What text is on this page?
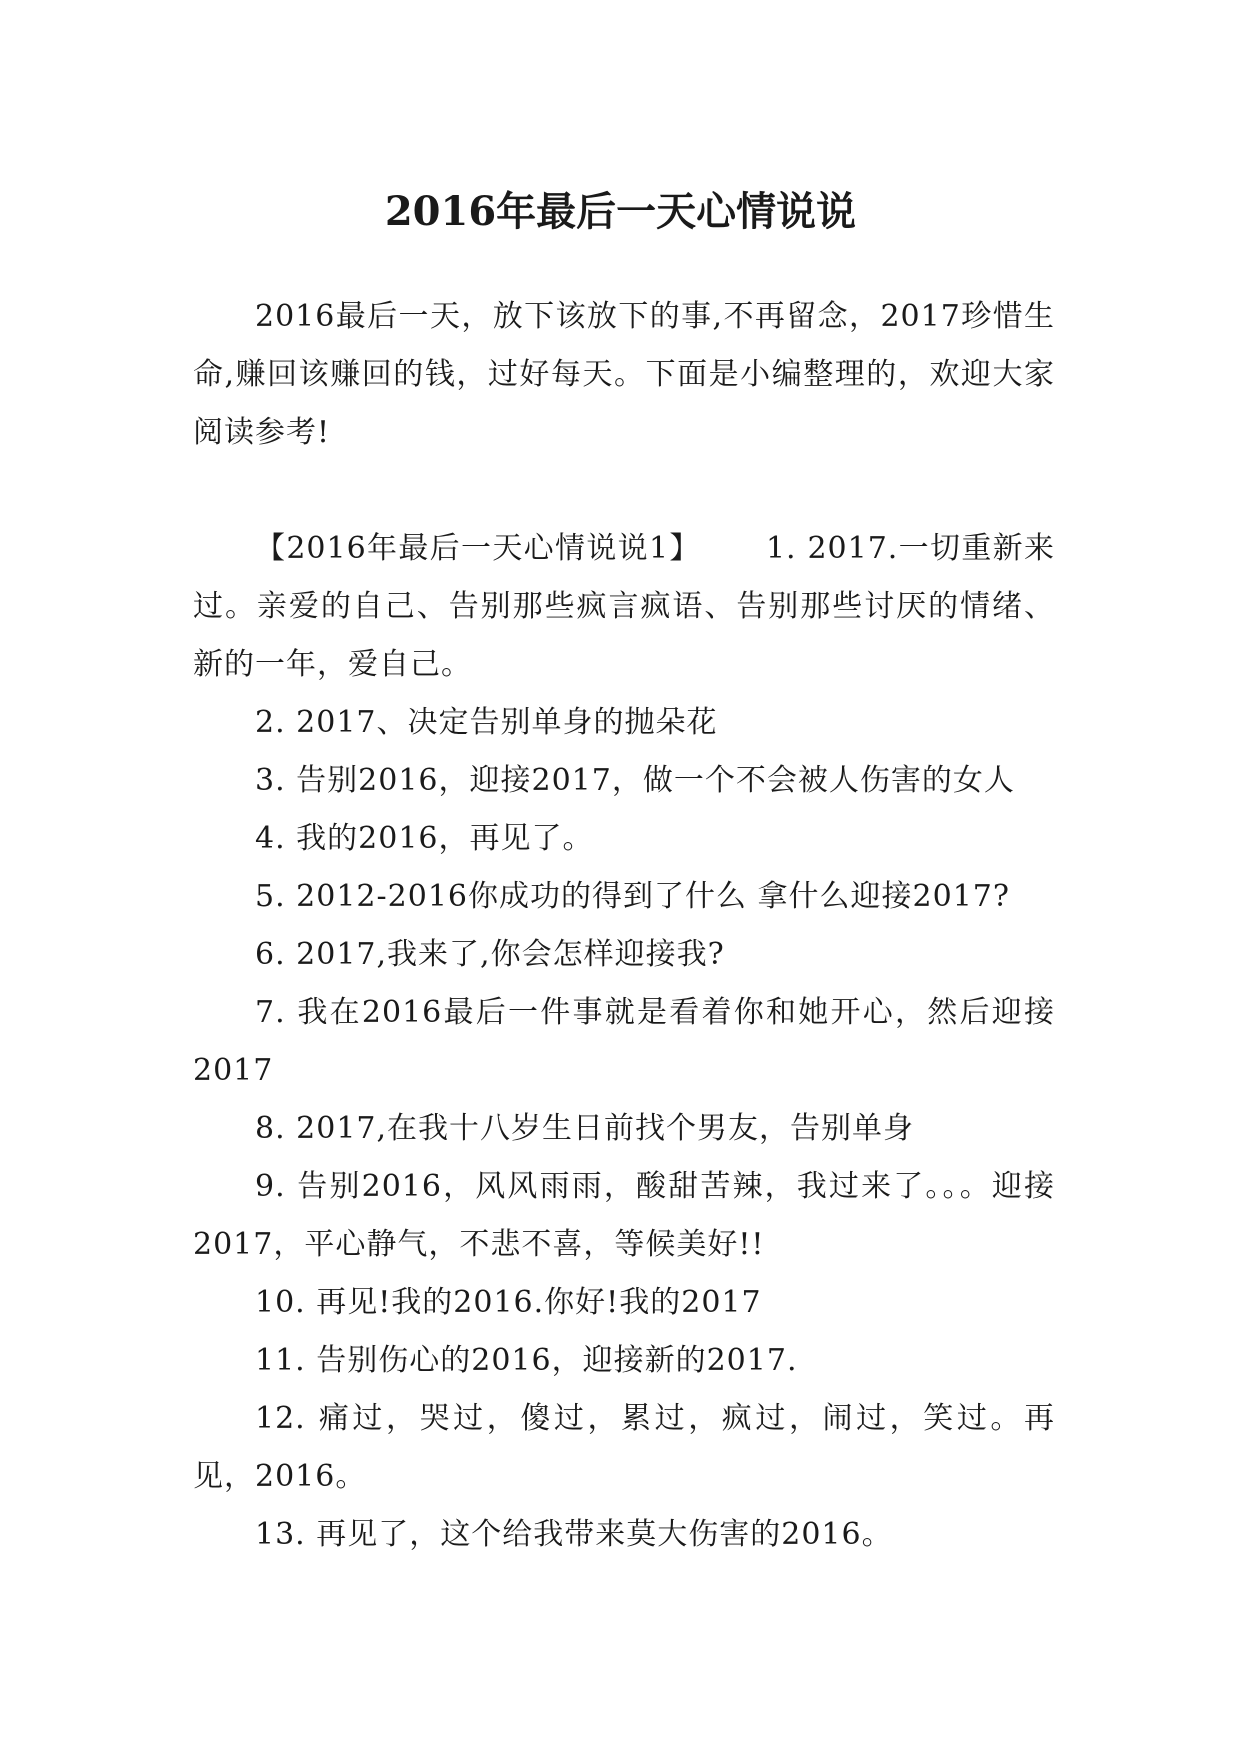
2016年最后一天心情说说

2016最后一天，放下该放下的事,不再留念，2017珍惜生命,赚回该赚回的钱，过好每天。下面是小编整理的，欢迎大家阅读参考!

【2016年最后一天心情说说1】 1. 2017.一切重新来过。亲爱的自己、告别那些疯言疯语、告别那些讨厌的情绪、新的一年，爱自己。

2. 2017、决定告别单身的抛朵花

3. 告别2016，迎接2017，做一个不会被人伤害的女人

4. 我的2016，再见了。

5. 2012-2016你成功的得到了什么 拿什么迎接2017?

6. 2017,我来了,你会怎样迎接我?

7. 我在2016最后一件事就是看着你和她开心，然后迎接2017

8. 2017,在我十八岁生日前找个男友，告别单身

9. 告别2016，风风雨雨，酸甜苦辣，我过来了。。。迎接2017，平心静气，不悲不喜，等候美好!!

10. 再见!我的2016.你好!我的2017

11. 告别伤心的2016，迎接新的2017.

12. 痛过，哭过，傻过，累过，疯过，闹过，笑过。再见，2016。

13. 再见了，这个给我带来莫大伤害的2016。
